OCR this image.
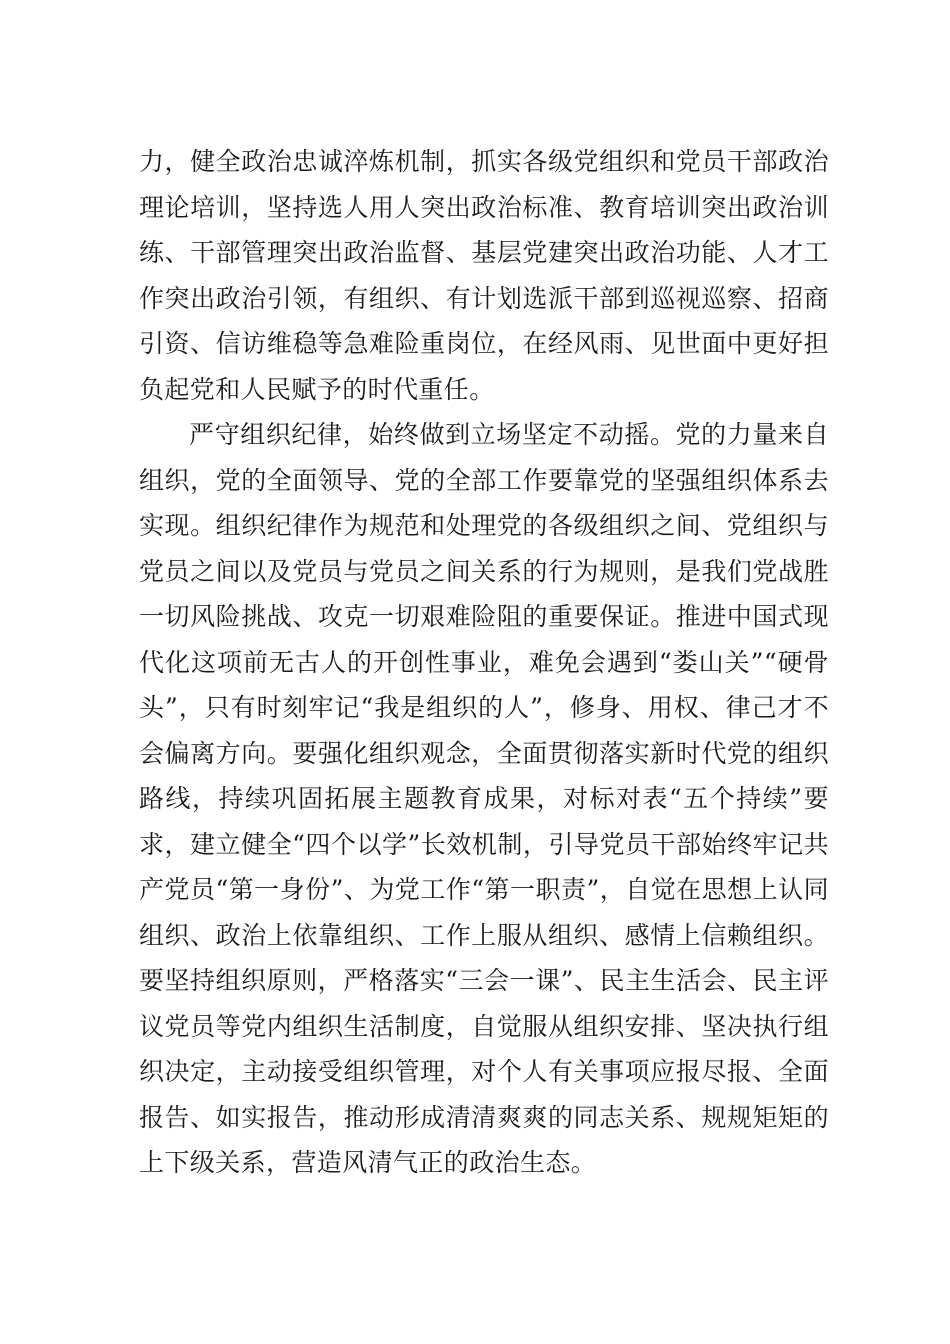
力，健全政治忠诚淬炼机制，抓实各级党组织和党员干部政治理论培训，坚持选人用人突出政治标准、教育培训突出政治训练、干部管理突出政治监督、基层党建突出政治功能、人才工作突出政治引领，有组织、有计划选派干部到巡视巡察、招商引资、信访维稳等急难险重岗位，在经风雨、见世面中更好担负起党和人民赋予的时代重任。

严守组织纪律，始终做到立场坚定不动摇。党的力量来自组织，党的全面领导、党的全部工作要靠党的坚强组织体系去实现。组织纪律作为规范和处理党的各级组织之间、党组织与党员之间以及党员与党员之间关系的行为规则，是我们党战胜一切风险挑战、攻克一切艰难险阻的重要保证。推进中国式现代化这项前无古人的开创性事业，难免会遇到“娄山关”“硬骨头”，只有时刻牢记“我是组织的人”，修身、用权、律己才不会偏离方向。要强化组织观念，全面贯彻落实新时代党的组织路线，持续巩固拓展主题教育成果，对标对表“五个持续”要求，建立健全“四个以学”长效机制，引导党员干部始终牢记共产党员“第一身份”、为党工作“第一职责”，自觉在思想上认同组织、政治上依靠组织、工作上服从组织、感情上信赖组织。要坚持组织原则，严格落实“三会一课”、民主生活会、民主评议党员等党内组织生活制度，自觉服从组织安排、坚决执行组织决定，主动接受组织管理，对个人有关事项应报尽报、全面报告、如实报告，推动形成清清爽爽的同志关系、规规矩矩的上下级关系，营造风清气正的政治生态。
